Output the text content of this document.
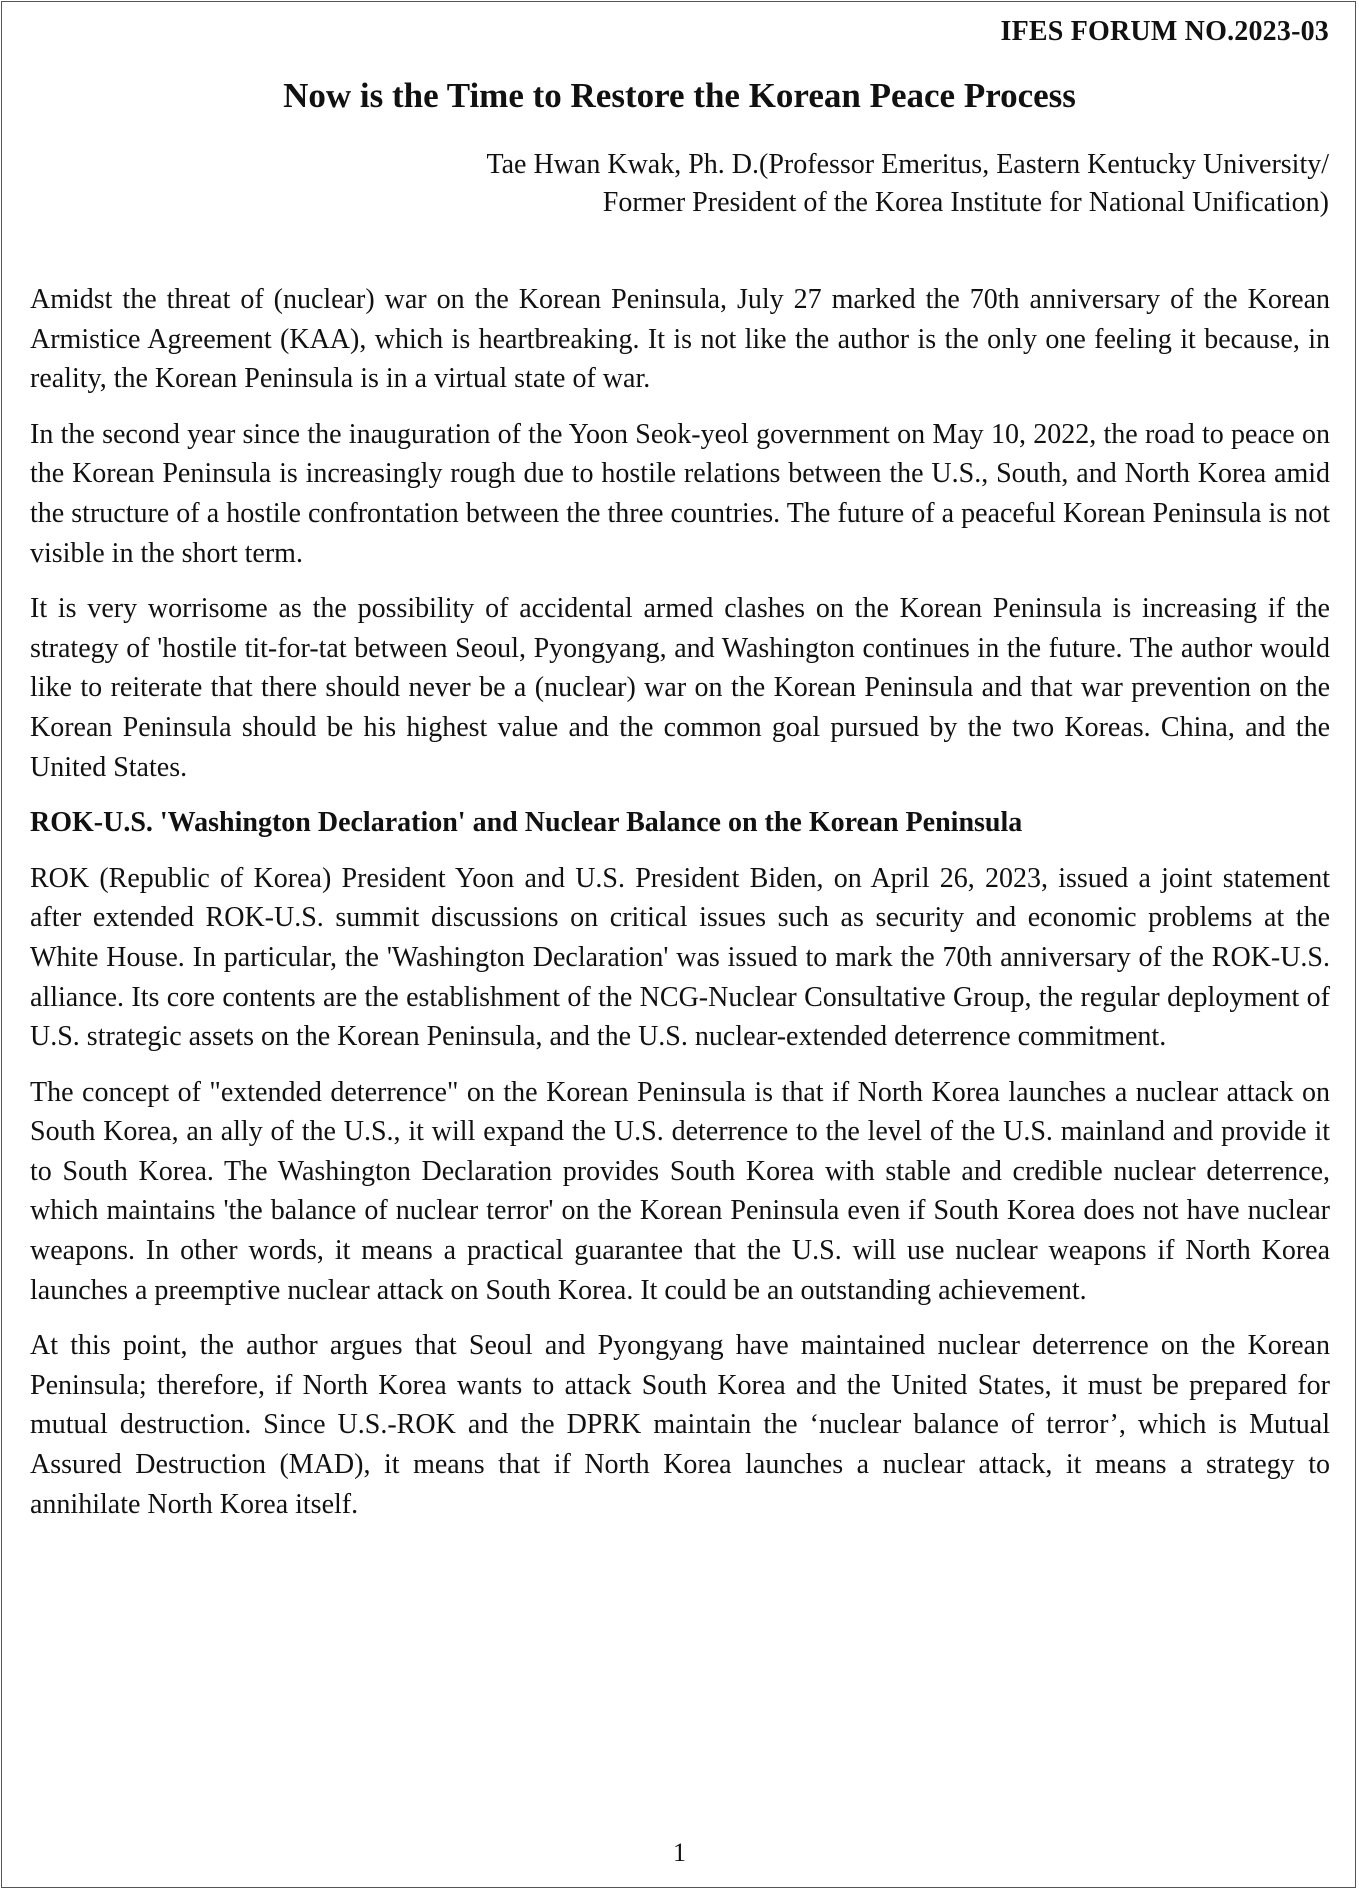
IFES FORUM NO.2023-03
Now is the Time to Restore the Korean Peace Process
Tae Hwan Kwak, Ph. D.(Professor Emeritus, Eastern Kentucky University/
Former President of the Korea Institute for National Unification)

Amidst the threat of (nuclear) war on the Korean Peninsula, July 27 marked the 70th anniversary of the Korean Armistice Agreement (KAA), which is heartbreaking. It is not like the author is the only one feeling it because, in reality, the Korean Peninsula is in a virtual state of war.

In the second year since the inauguration of the Yoon Seok-yeol government on May 10, 2022, the road to peace on the Korean Peninsula is increasingly rough due to hostile relations between the U.S., South, and North Korea amid the structure of a hostile confrontation between the three countries. The future of a peaceful Korean Peninsula is not visible in the short term.

It is very worrisome as the possibility of accidental armed clashes on the Korean Peninsula is increasing if the strategy of 'hostile tit-for-tat between Seoul, Pyongyang, and Washington continues in the future. The author would like to reiterate that there should never be a (nuclear) war on the Korean Peninsula and that war prevention on the Korean Peninsula should be his highest value and the common goal pursued by the two Koreas. China, and the United States.

ROK-U.S. 'Washington Declaration' and Nuclear Balance on the Korean Peninsula

ROK (Republic of Korea) President Yoon and U.S. President Biden, on April 26, 2023, issued a joint statement after extended ROK-U.S. summit discussions on critical issues such as security and economic problems at the White House. In particular, the 'Washington Declaration' was issued to mark the 70th anniversary of the ROK-U.S. alliance. Its core contents are the establishment of the NCG-Nuclear Consultative Group, the regular deployment of U.S. strategic assets on the Korean Peninsula, and the U.S. nuclear-extended deterrence commitment.

The concept of "extended deterrence" on the Korean Peninsula is that if North Korea launches a nuclear attack on South Korea, an ally of the U.S., it will expand the U.S. deterrence to the level of the U.S. mainland and provide it to South Korea. The Washington Declaration provides South Korea with stable and credible nuclear deterrence, which maintains 'the balance of nuclear terror' on the Korean Peninsula even if South Korea does not have nuclear weapons. In other words, it means a practical guarantee that the U.S. will use nuclear weapons if North Korea launches a preemptive nuclear attack on South Korea. It could be an outstanding achievement.

At this point, the author argues that Seoul and Pyongyang have maintained nuclear deterrence on the Korean Peninsula; therefore, if North Korea wants to attack South Korea and the United States, it must be prepared for mutual destruction. Since U.S.-ROK and the DPRK maintain the ‘nuclear balance of terror’, which is Mutual Assured Destruction (MAD), it means that if North Korea launches a nuclear attack, it means a strategy to annihilate North Korea itself.

1
